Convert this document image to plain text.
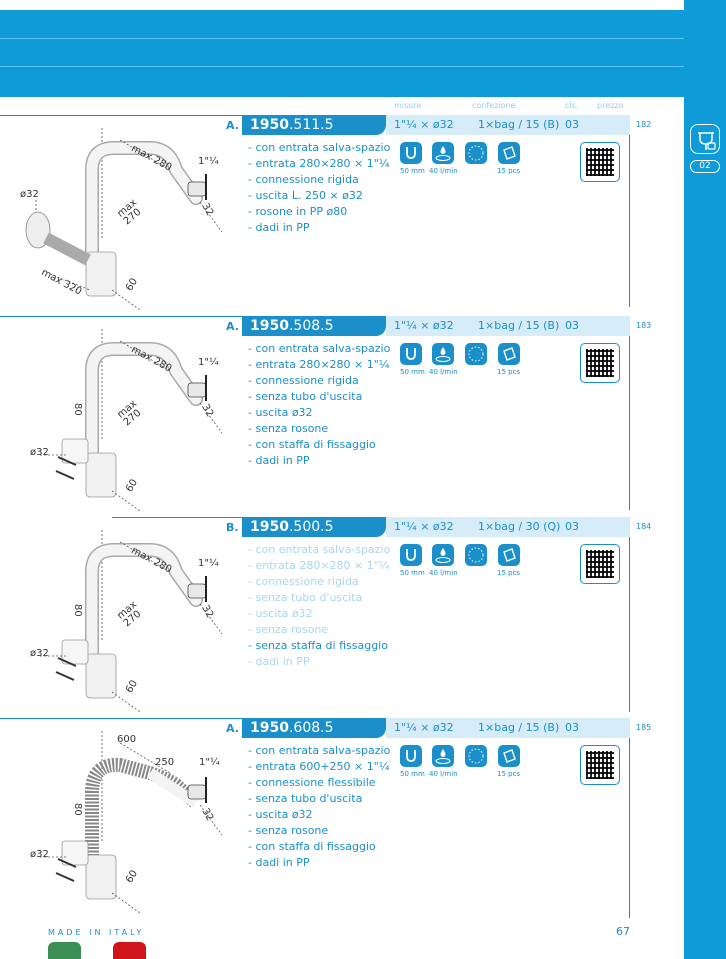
02
misure	confezione	cls. prezzo
A. 1950.511.5	1"¼ × ø32 1×bag / 15 (B) 03	182
- con entrata salva-spazio
- entrata 280×280 × 1"¼
- connessione rigida
- uscita L. 250 × ø32
- rosone in PP ø80
- dadi in PP
50 mm 40 l/min	15 pcs
max 280 1"¼
32
max
270
ø32
max 320	60
A. 1950.508.5	1"¼ × ø32 1×bag / 15 (B) 03	183
- con entrata salva-spazio
- entrata 280×280 × 1"¼
- connessione rigida
- senza tubo d'uscita
- uscita ø32
- senza rosone
- con staffa di fissaggio
- dadi in PP
50 mm 40 l/min	15 pcs
max 280 1"¼
32
max
270
ø32
80
60
B. 1950.500.5	1"¼ × ø32 1×bag / 30 (Q) 03	184
- con entrata salva-spazio
- entrata 280×280 × 1"¼
- connessione rigida
- senza tubo d'uscita
- uscita ø32
- senza rosone
- senza staffa di fissaggio
- dadi in PP
50 mm 40 l/min	15 pcs
max 280 1"¼
32
max
270
ø32
80
60
A. 1950.608.5	1"¼ × ø32 1×bag / 15 (B) 03	185
- con entrata salva-spazio
- entrata 600+250 × 1"¼
- connessione flessibile
- senza tubo d'uscita
- uscita ø32
- senza rosone
- con staffa di fissaggio
- dadi in PP
50 mm 40 l/min	15 pcs
600
250 1"¼
32
80
ø32
60
MADE IN ITALY	67
